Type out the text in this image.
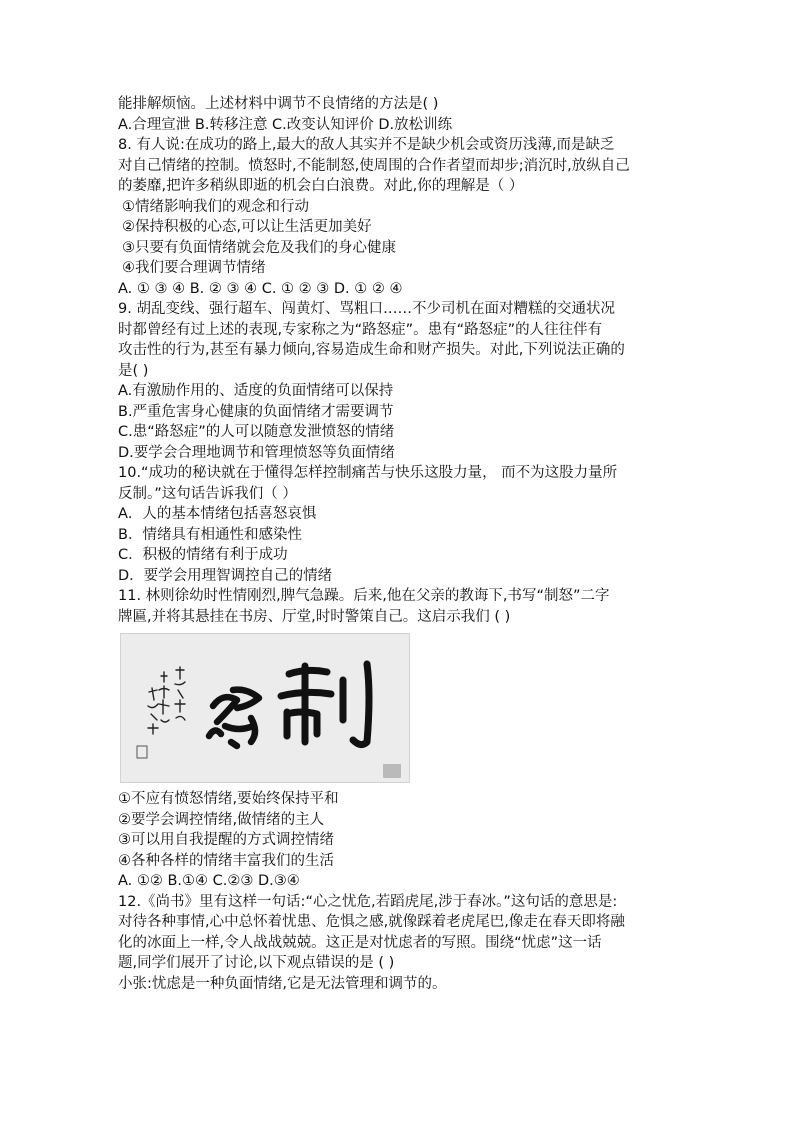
能排解烦恼。上述材料中调节不良情绪的方法是( )
A.合理宣泄 B.转移注意 C.改变认知评价 D.放松训练
8. 有人说:在成功的路上,最大的敌人其实并不是缺少机会或资历浅薄,而是缺乏
对自己情绪的控制。愤怒时,不能制怒,使周围的合作者望而却步;消沉时,放纵自己
的萎靡,把许多稍纵即逝的机会白白浪费。对此,你的理解是（ ）
①情绪影响我们的观念和行动
②保持积极的心态,可以让生活更加美好
③只要有负面情绪就会危及我们的身心健康
④我们要合理调节情绪
A. ① ③ ④ B. ② ③ ④ C. ① ② ③ D. ① ② ④
9. 胡乱变线、强行超车、闯黄灯、骂粗口……不少司机在面对糟糕的交通状况
时都曾经有过上述的表现,专家称之为“路怒症”。患有“路怒症”的人往往伴有
攻击性的行为,甚至有暴力倾向,容易造成生命和财产损失。对此,下列说法正确的
是( )
A.有激励作用的、适度的负面情绪可以保持
B.严重危害身心健康的负面情绪才需要调节
C.患“路怒症”的人可以随意发泄愤怒的情绪
D.要学会合理地调节和管理愤怒等负面情绪
10.“成功的秘诀就在于懂得怎样控制痛苦与快乐这股力量， 而不为这股力量所
反制。”这句话告诉我们（ ）
A．人的基本情绪包括喜怒哀惧
B．情绪具有相通性和感染性
C．积极的情绪有利于成功
D．要学会用理智调控自己的情绪
11. 林则徐幼时性情刚烈,脾气急躁。后来,他在父亲的教诲下,书写“制怒”二字
牌匾,并将其悬挂在书房、厅堂,时时警策自己。这启示我们 ( )
①不应有愤怒情绪,要始终保持平和
②要学会调控情绪,做情绪的主人
③可以用自我提醒的方式调控情绪
④各种各样的情绪丰富我们的生活
A. ①② B.①④ C.②③ D.③④
12.《尚书》里有这样一句话:“心之忧危,若蹈虎尾,涉于春冰。”这句话的意思是:
对待各种事情,心中总怀着忧患、危惧之感,就像踩着老虎尾巴,像走在春天即将融
化的冰面上一样,令人战战兢兢。这正是对忧虑者的写照。围绕“忧虑”这一话
题,同学们展开了讨论,以下观点错误的是 ( )
小张:忧虑是一种负面情绪,它是无法管理和调节的。
